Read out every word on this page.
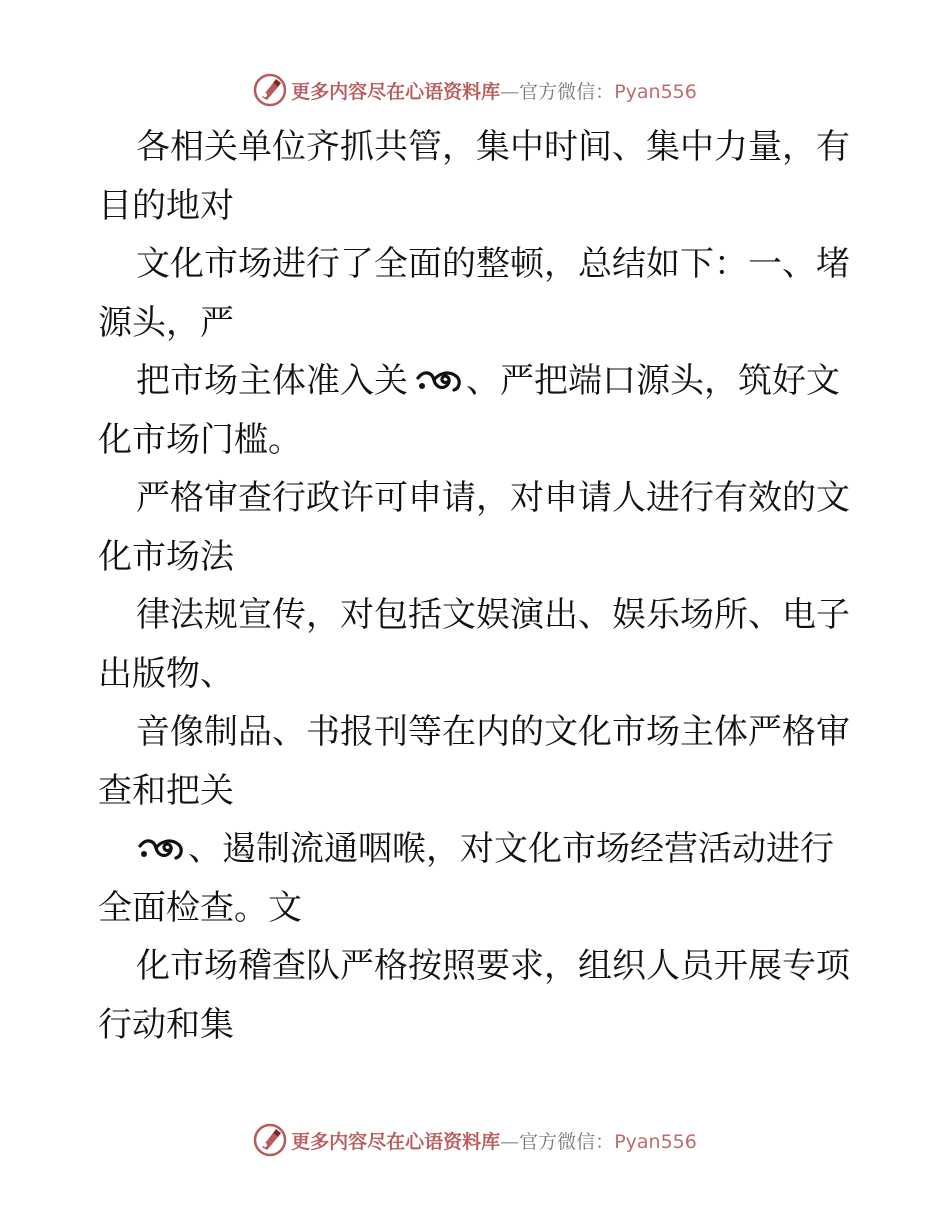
更多内容尽在心语资料库—官方微信：Pyan556

各相关单位齐抓共管，集中时间、集中力量，有
目的地对

文化市场进行了全面的整顿，总结如下：一、堵
源头，严

把市场主体准入关 、严把端口源头，筑好文
化市场门槛。

严格审查行政许可申请，对申请人进行有效的文
化市场法

律法规宣传，对包括文娱演出、娱乐场所、电子
出版物、

音像制品、书报刊等在内的文化市场主体严格审
查和把关

、遏制流通咽喉，对文化市场经营活动进行
全面检查。文

化市场稽查队严格按照要求，组织人员开展专项
行动和集

更多内容尽在心语资料库—官方微信：Pyan556
